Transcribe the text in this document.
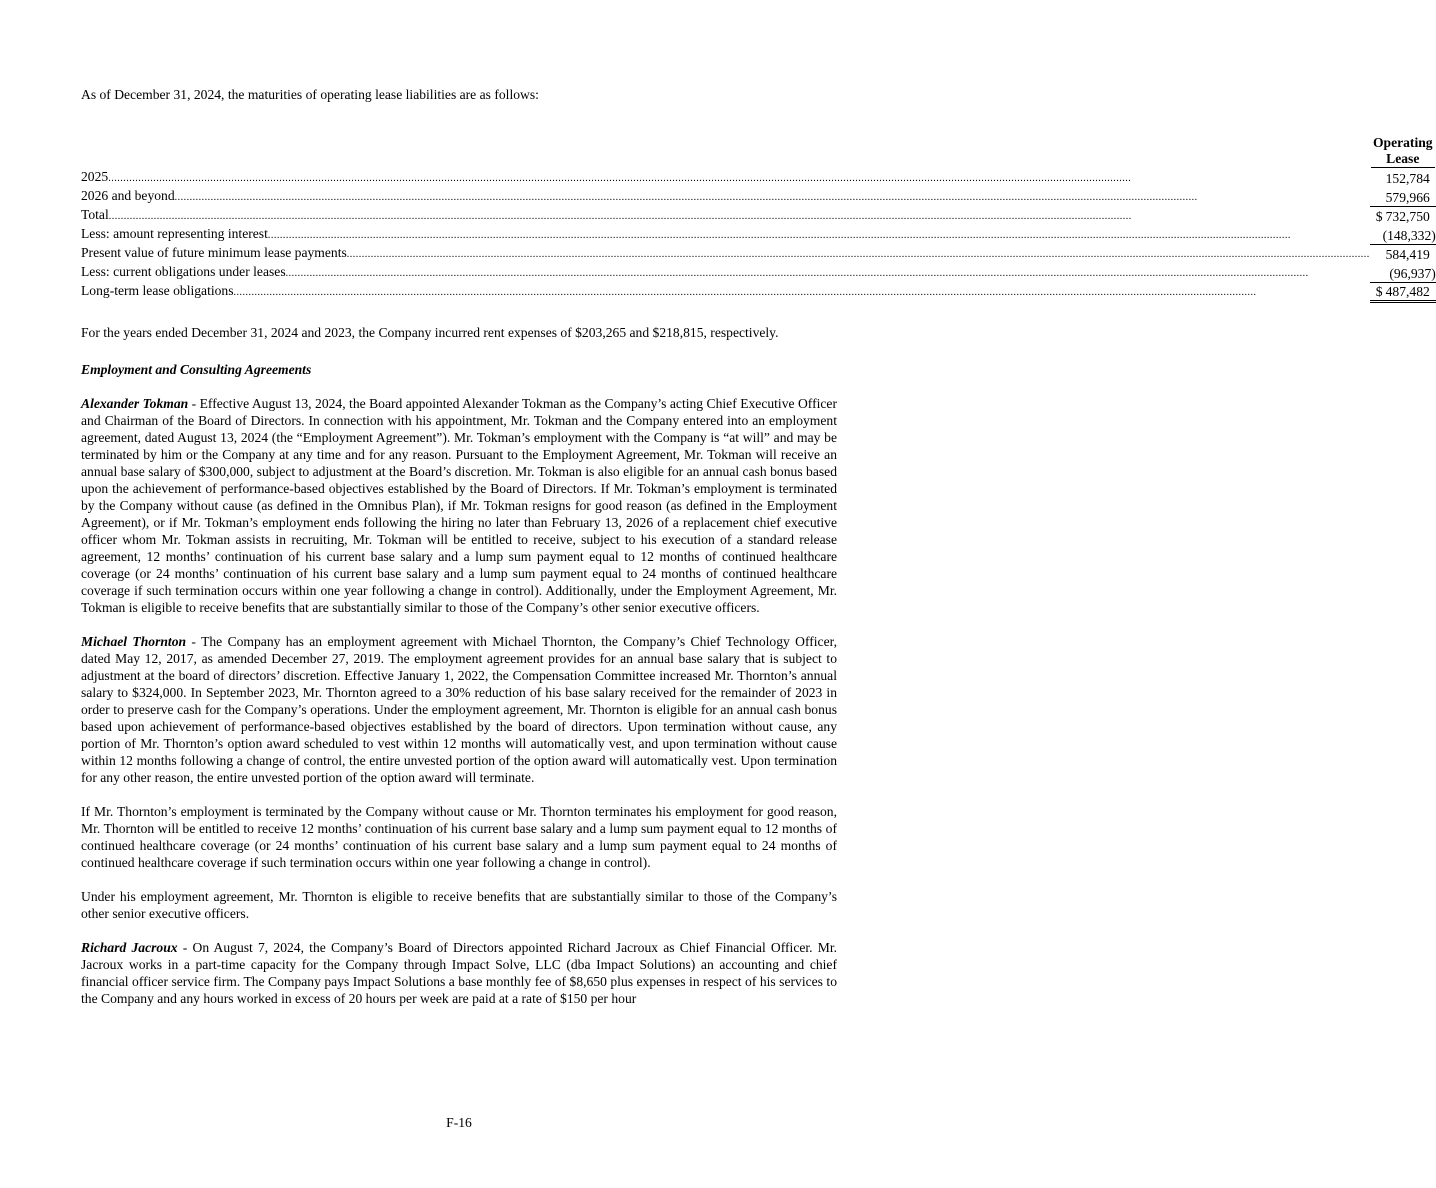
As of December 31, 2024, the maturities of operating lease liabilities are as follows:

	Operating
Lease	

2025
.....		152,784

2026 and beyond
.....		579,966

Total
.....	$	732,750

Less: amount representing interest
.....		(148,332)

Present value of future minimum lease payments
.....		584,419

Less: current obligations under leases
.....		(96,937)

Long-term lease obligations
.....	$	487,482

For the years ended December 31, 2024 and 2023, the Company incurred rent expenses of $203,265 and $218,815, respectively.

Employment and Consulting Agreements

Alexander Tokman - Effective August 13, 2024, the Board appointed Alexander Tokman as the Company’s acting Chief Executive Officer and Chairman of the Board of Directors. In connection with his appointment, Mr. Tokman and the Company entered into an employment agreement, dated August 13, 2024 (the “Employment Agreement”). Mr. Tokman’s employment with the Company is “at will” and may be terminated by him or the Company at any time and for any reason. Pursuant to the Employment Agreement, Mr. Tokman will receive an annual base salary of $300,000, subject to adjustment at the Board’s discretion. Mr. Tokman is also eligible for an annual cash bonus based upon the achievement of performance-based objectives established by the Board of Directors. If Mr. Tokman’s employment is terminated by the Company without cause (as defined in the Omnibus Plan), if Mr. Tokman resigns for good reason (as defined in the Employment Agreement), or if Mr. Tokman’s employment ends following the hiring no later than February 13, 2026 of a replacement chief executive officer whom Mr. Tokman assists in recruiting, Mr. Tokman will be entitled to receive, subject to his execution of a standard release agreement, 12 months’ continuation of his current base salary and a lump sum payment equal to 12 months of continued healthcare coverage (or 24 months’ continuation of his current base salary and a lump sum payment equal to 24 months of continued healthcare coverage if such termination occurs within one year following a change in control). Additionally, under the Employment Agreement, Mr. Tokman is eligible to receive benefits that are substantially similar to those of the Company’s other senior executive officers.

Michael Thornton - The Company has an employment agreement with Michael Thornton, the Company’s Chief Technology Officer, dated May 12, 2017, as amended December 27, 2019. The employment agreement provides for an annual base salary that is subject to adjustment at the board of directors’ discretion. Effective January 1, 2022, the Compensation Committee increased Mr. Thornton’s annual salary to $324,000. In September 2023, Mr. Thornton agreed to a 30% reduction of his base salary received for the remainder of 2023 in order to preserve cash for the Company’s operations. Under the employment agreement, Mr. Thornton is eligible for an annual cash bonus based upon achievement of performance-based objectives established by the board of directors. Upon termination without cause, any portion of Mr. Thornton’s option award scheduled to vest within 12 months will automatically vest, and upon termination without cause within 12 months following a change of control, the entire unvested portion of the option award will automatically vest. Upon termination for any other reason, the entire unvested portion of the option award will terminate.

If Mr. Thornton’s employment is terminated by the Company without cause or Mr. Thornton terminates his employment for good reason, Mr. Thornton will be entitled to receive 12 months’ continuation of his current base salary and a lump sum payment equal to 12 months of continued healthcare coverage (or 24 months’ continuation of his current base salary and a lump sum payment equal to 24 months of continued healthcare coverage if such termination occurs within one year following a change in control).

Under his employment agreement, Mr. Thornton is eligible to receive benefits that are substantially similar to those of the Company’s other senior executive officers.

Richard Jacroux - On August 7, 2024, the Company’s Board of Directors appointed Richard Jacroux as Chief Financial Officer. Mr. Jacroux works in a part-time capacity for the Company through Impact Solve, LLC (dba Impact Solutions) an accounting and chief financial officer service firm. The Company pays Impact Solutions a base monthly fee of $8,650 plus expenses in respect of his services to the Company and any hours worked in excess of 20 hours per week are paid at a rate of $150 per hour

F-16
